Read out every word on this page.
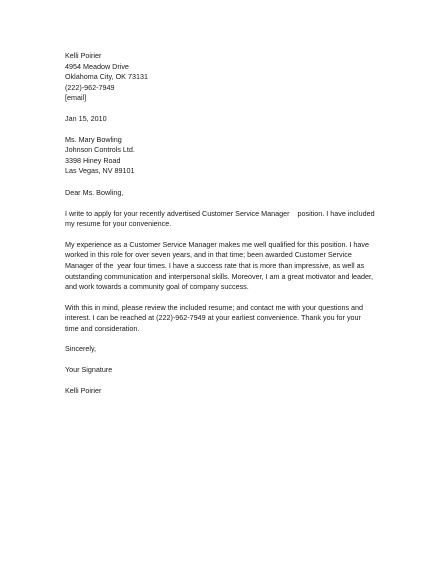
Kelli Poirier
4954 Meadow Drive
Oklahoma City, OK 73131
(222)-962-7949
[email]
Jan 15, 2010
Ms. Mary Bowling
Johnson Controls Ltd.
3398 Hiney Road
Las Vegas, NV 89101
Dear Ms. Bowling,
I write to apply for your recently advertised Customer Service Manager    position. I have included
my resume for your convenience.
My experience as a Customer Service Manager makes me well qualified for this position. I have
worked in this role for over seven years, and in that time; been awarded Customer Service
Manager of the  year four times. I have a success rate that is more than impressive, as well as
outstanding communication and interpersonal skills. Moreover, I am a great motivator and leader,
and work towards a community goal of company success.
With this in mind, please review the included resume; and contact me with your questions and
interest. I can be reached at (222)-962-7949 at your earliest convenience. Thank you for your
time and consideration.
Sincerely,
Your Signature
Kelli Poirier
